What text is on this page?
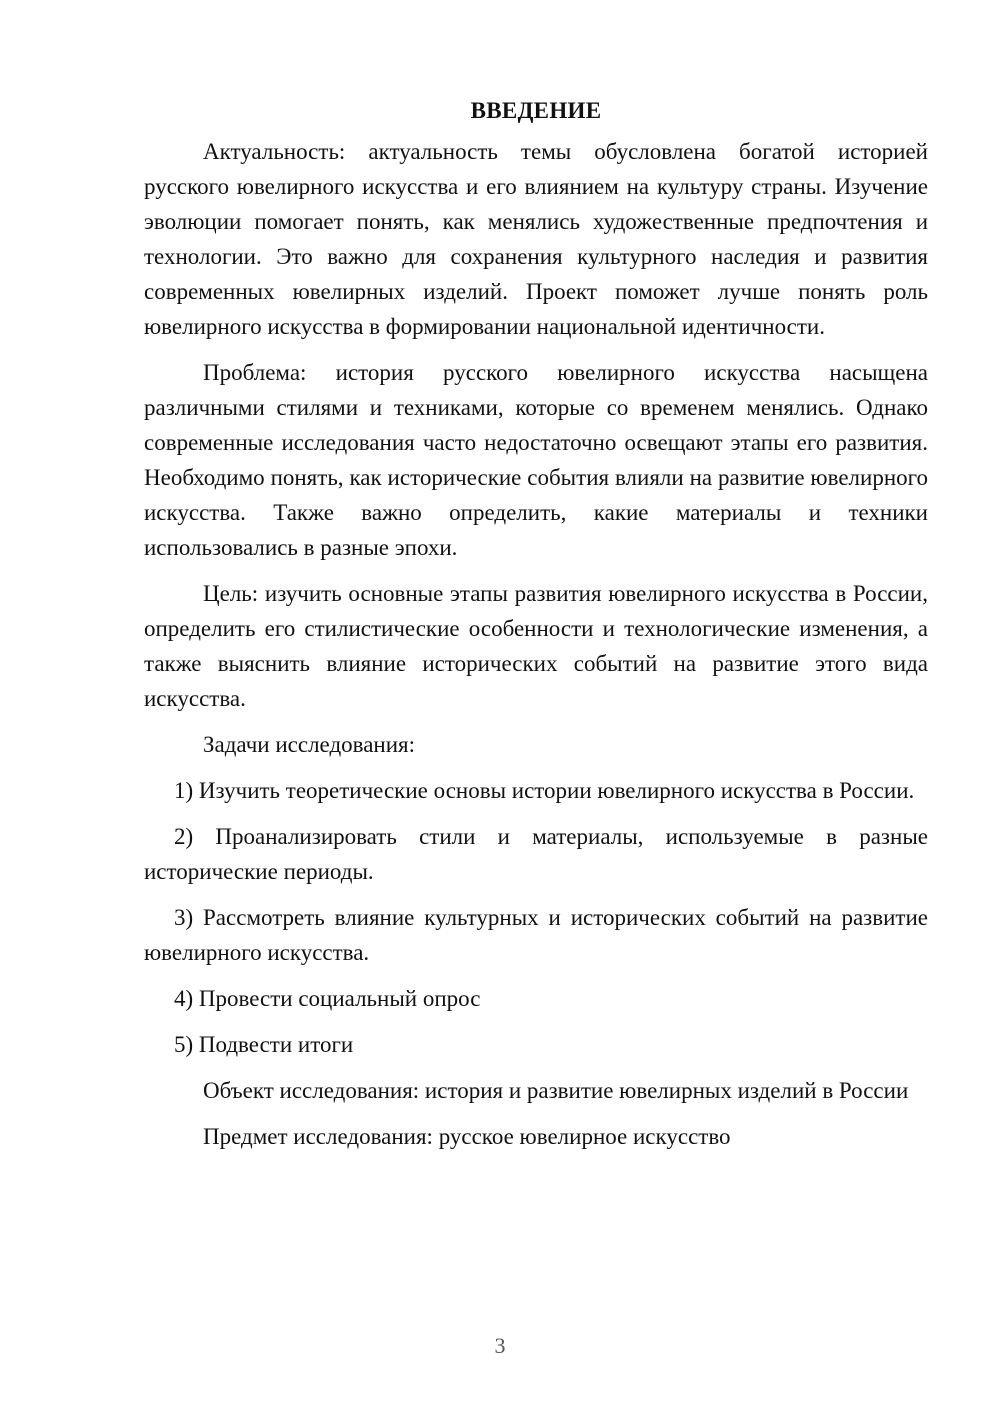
ВВЕДЕНИЕ

Актуальность: актуальность темы обусловлена богатой историей русского ювелирного искусства и его влиянием на культуру страны. Изучение эволюции помогает понять, как менялись художественные предпочтения и технологии. Это важно для сохранения культурного наследия и развития современных ювелирных изделий. Проект поможет лучше понять роль ювелирного искусства в формировании национальной идентичности.

Проблема: история русского ювелирного искусства насыщена различными стилями и техниками, которые со временем менялись. Однако современные исследования часто недостаточно освещают этапы его развития. Необходимо понять, как исторические события влияли на развитие ювелирного искусства. Также важно определить, какие материалы и техники использовались в разные эпохи.

Цель: изучить основные этапы развития ювелирного искусства в России, определить его стилистические особенности и технологические изменения, а также выяснить влияние исторических событий на развитие этого вида искусства.

Задачи исследования:

1) Изучить теоретические основы истории ювелирного искусства в России.

2) Проанализировать стили и материалы, используемые в разные исторические периоды.

3) Рассмотреть влияние культурных и исторических событий на развитие ювелирного искусства.

4) Провести социальный опрос

5) Подвести итоги

Объект исследования: история и развитие ювелирных изделий в России

Предмет исследования: русское ювелирное искусство

3
